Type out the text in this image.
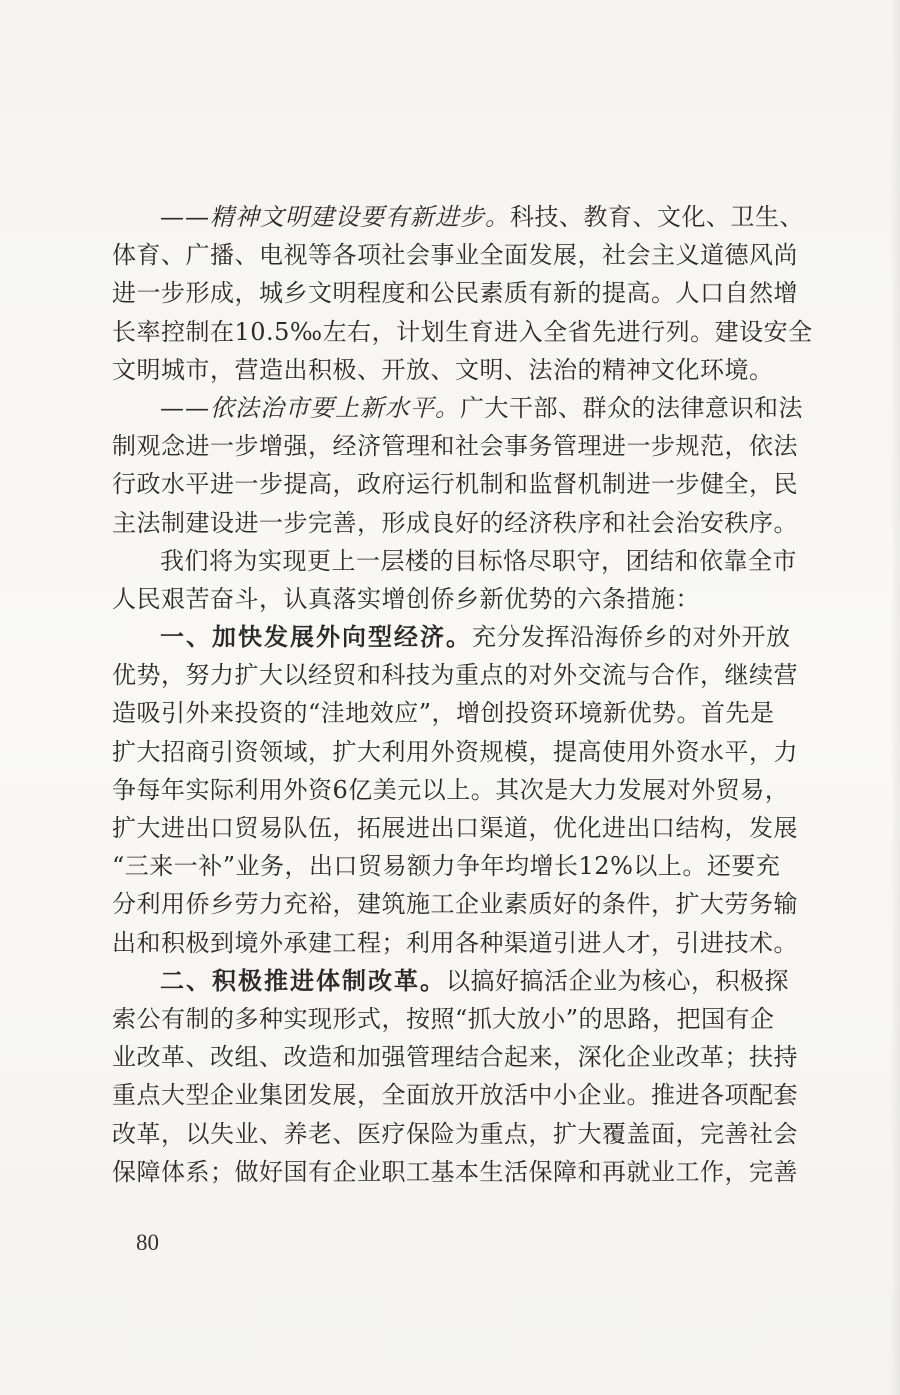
——精神文明建设要有新进步。科技、教育、文化、卫生、
体育、广播、电视等各项社会事业全面发展，社会主义道德风尚
进一步形成，城乡文明程度和公民素质有新的提高。人口自然增
长率控制在10.5‰左右，计划生育进入全省先进行列。建设安全
文明城市，营造出积极、开放、文明、法治的精神文化环境。
——依法治市要上新水平。广大干部、群众的法律意识和法
制观念进一步增强，经济管理和社会事务管理进一步规范，依法
行政水平进一步提高，政府运行机制和监督机制进一步健全，民
主法制建设进一步完善，形成良好的经济秩序和社会治安秩序。
我们将为实现更上一层楼的目标恪尽职守，团结和依靠全市
人民艰苦奋斗，认真落实增创侨乡新优势的六条措施：
一、加快发展外向型经济。充分发挥沿海侨乡的对外开放
优势，努力扩大以经贸和科技为重点的对外交流与合作，继续营
造吸引外来投资的“洼地效应”，增创投资环境新优势。首先是
扩大招商引资领域，扩大利用外资规模，提高使用外资水平，力
争每年实际利用外资6亿美元以上。其次是大力发展对外贸易，
扩大进出口贸易队伍，拓展进出口渠道，优化进出口结构，发展
“三来一补”业务，出口贸易额力争年均增长12%以上。还要充
分利用侨乡劳力充裕，建筑施工企业素质好的条件，扩大劳务输
出和积极到境外承建工程；利用各种渠道引进人才，引进技术。
二、积极推进体制改革。以搞好搞活企业为核心，积极探
索公有制的多种实现形式，按照“抓大放小”的思路，把国有企
业改革、改组、改造和加强管理结合起来，深化企业改革；扶持
重点大型企业集团发展，全面放开放活中小企业。推进各项配套
改革，以失业、养老、医疗保险为重点，扩大覆盖面，完善社会
保障体系；做好国有企业职工基本生活保障和再就业工作，完善
80
